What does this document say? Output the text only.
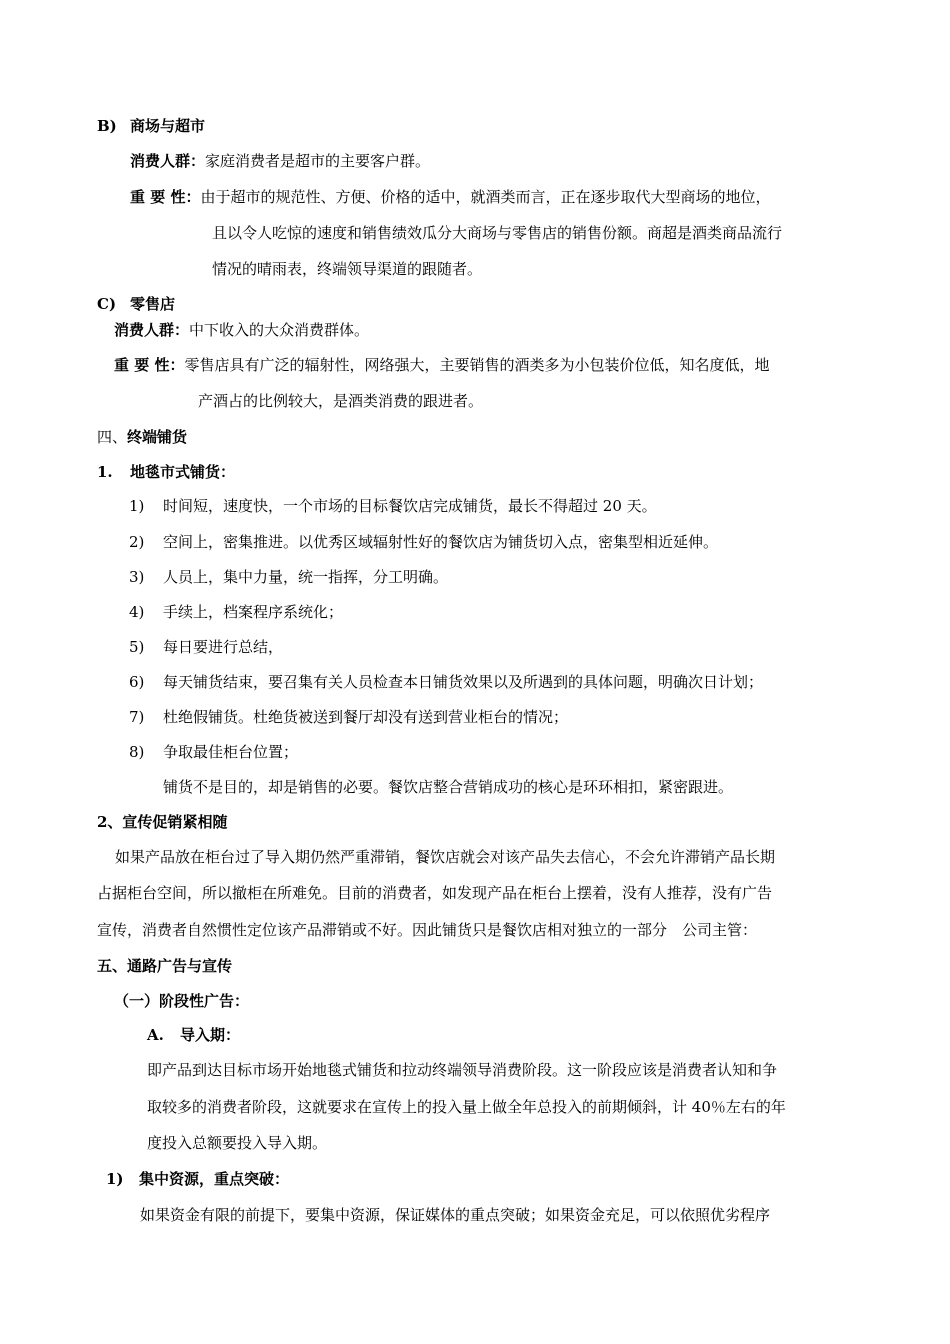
B) 商场与超市
消费人群：家庭消费者是超市的主要客户群。
重 要 性：由于超市的规范性、方便、价格的适中，就酒类而言，正在逐步取代大型商场的地位，
且以令人吃惊的速度和销售绩效瓜分大商场与零售店的销售份额。商超是酒类商品流行
情况的晴雨表，终端领导渠道的跟随者。
C) 零售店
消费人群：中下收入的大众消费群体。
重 要 性：零售店具有广泛的辐射性，网络强大，主要销售的酒类多为小包装价位低，知名度低，地
产酒占的比例较大，是酒类消费的跟进者。
四、终端铺货
1. 地毯市式铺货：
1) 时间短，速度快，一个市场的目标餐饮店完成铺货，最长不得超过 20 天。
2) 空间上，密集推进。以优秀区域辐射性好的餐饮店为铺货切入点，密集型相近延伸。
3) 人员上，集中力量，统一指挥，分工明确。
4) 手续上，档案程序系统化；
5) 每日要进行总结，
6) 每天铺货结束，要召集有关人员检查本日铺货效果以及所遇到的具体问题，明确次日计划；
7) 杜绝假铺货。杜绝货被送到餐厅却没有送到营业柜台的情况；
8) 争取最佳柜台位置；
铺货不是目的，却是销售的必要。餐饮店整合营销成功的核心是环环相扣，紧密跟进。
2、宣传促销紧相随
如果产品放在柜台过了导入期仍然严重滞销，餐饮店就会对该产品失去信心，不会允许滞销产品长期
占据柜台空间，所以撤柜在所难免。目前的消费者，如发现产品在柜台上摆着，没有人推荐，没有广告
宣传，消费者自然惯性定位该产品滞销或不好。因此铺货只是餐饮店相对独立的一部分　公司主管：
五、通路广告与宣传
（一）阶段性广告：
A. 导入期：
即产品到达目标市场开始地毯式铺货和拉动终端领导消费阶段。这一阶段应该是消费者认知和争
取较多的消费者阶段，这就要求在宣传上的投入量上做全年总投入的前期倾斜，计 40％左右的年
度投入总额要投入导入期。
1) 集中资源，重点突破：
如果资金有限的前提下，要集中资源，保证媒体的重点突破；如果资金充足，可以依照优劣程序
